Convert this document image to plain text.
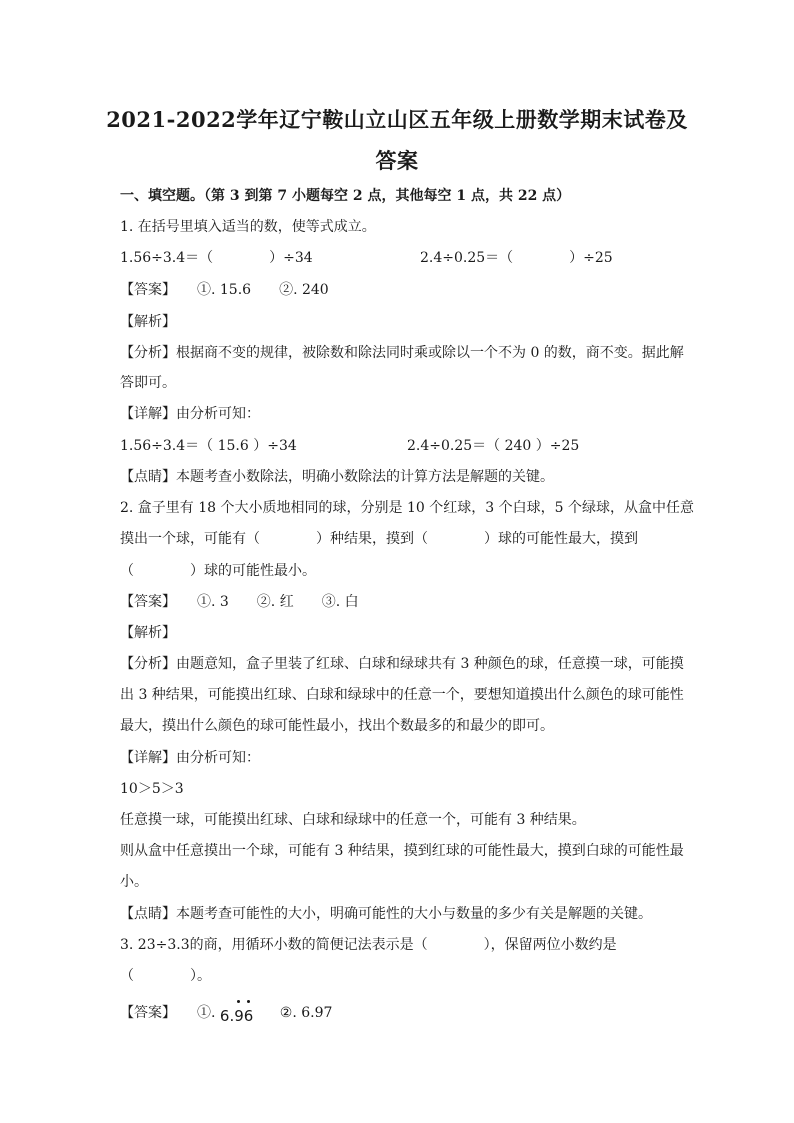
2021-2022学年辽宁鞍山立山区五年级上册数学期末试卷及
答案
一、填空题。（第 3 到第 7 小题每空 2 点，其他每空 1 点，共 22 点）
1. 在括号里填入适当的数，使等式成立。
1.56÷3.4＝（　　　　）÷34	2.4÷0.25＝（　　　　）÷25
【答案】　　①. 15.6　　②. 240
【解析】
【分析】根据商不变的规律，被除数和除法同时乘或除以一个不为 0 的数，商不变。据此解
答即可。
【详解】由分析可知：
1.56÷3.4＝（ 15.6 ）÷34	2.4÷0.25＝（ 240 ）÷25
【点睛】本题考查小数除法，明确小数除法的计算方法是解题的关键。
2. 盒子里有 18 个大小质地相同的球，分别是 10 个红球，3 个白球，5 个绿球，从盒中任意
摸出一个球，可能有（　　　　）种结果，摸到（　　　　）球的可能性最大，摸到
（　　　　）球的可能性最小。
【答案】　　①. 3　　②. 红　　③. 白
【解析】
【分析】由题意知，盒子里装了红球、白球和绿球共有 3 种颜色的球，任意摸一球，可能摸
出 3 种结果，可能摸出红球、白球和绿球中的任意一个，要想知道摸出什么颜色的球可能性
最大，摸出什么颜色的球可能性最小，找出个数最多的和最少的即可。
【详解】由分析可知：
10＞5＞3
任意摸一球，可能摸出红球、白球和绿球中的任意一个，可能有 3 种结果。
则从盒中任意摸出一个球，可能有 3 种结果，摸到红球的可能性最大，摸到白球的可能性最
小。
【点睛】本题考查可能性的大小，明确可能性的大小与数量的多少有关是解题的关键。
3. 23÷3.3的商，用循环小数的简便记法表示是（　　　　），保留两位小数约是
（　　　　）。
【答案】　　①. 6.96 ②. 6.97
